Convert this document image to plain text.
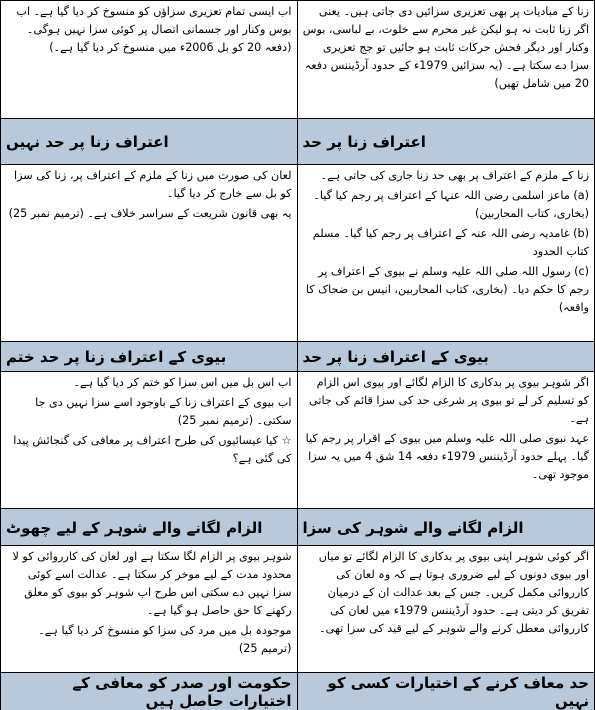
زنا کے مبادیات پر بھی تعزیری سزائیں دی جاتی ہیں۔ یعنی اگر زنا ثابت نہ ہو لیکن غیر محرم سے خلوت، بے لباسی، بوس وکنار اور دیگر فحش حرکات ثابت ہو جائیں تو جج تعزیری سزا دے سکتا ہے۔ (یہ سزائیں 1979ء کے حدود آرڈیننس دفعہ 20 میں شامل تھیں)

اب ایسی تمام تعزیری سزاؤں کو منسوخ کر دیا گیا ہے۔ اب بوس وکنار اور جسمانی اتصال پر کوئی سزا نہیں ہوگی۔ (دفعہ 20 کو بل 2006ء میں منسوخ کر دیا گیا ہے۔)

اعتراف زنا پر حد
اعتراف زنا پر حد نہیں

زنا کے ملزم کے اعتراف پر بھی حد زنا جاری کی جاتی ہے۔

(a) ماعز اسلمی رضی اللہ عنہا کے اعتراف پر رجم کیا گیا۔ (بخاری، کتاب المحاربین)

(b) غامدیہ رضی اللہ عنہ کے اعتراف پر رجم کیا گیا۔ مسلم کتاب الحدود

(c) رسول اللہ صلی اللہ علیہ وسلم نے بیوی کے اعتراف پر رجم کا حکم دیا۔ (بخاری، کتاب المحاربین، انیس بن ضحاک کا واقعہ)

لعان کی صورت میں زنا کے ملزم کے اعتراف پر، زنا کی سزا کو بل سے خارج کر دیا گیا۔

یہ بھی قانون شریعت کے سراسر خلاف ہے۔ (ترمیم نمبر 25)

بیوی کے اعتراف زنا پر حد
بیوی کے اعتراف زنا پر حد ختم

اگر شوہر بیوی پر بدکاری کا الزام لگائے اور بیوی اس الزام کو تسلیم کر لے تو بیوی پر شرعی حد کی سزا قائم کی جاتی ہے۔

عہد نبوی صلی اللہ علیہ وسلم میں بیوی کے اقرار پر رجم کیا گیا۔ پہلے حدود آرڈیننس 1979ء دفعہ 14 شق 4 میں یہ سزا موجود تھی۔

اب اس بل میں اس سزا کو ختم کر دیا گیا ہے۔

اب بیوی کے اعتراف زنا کے باوجود اسے سزا نہیں دی جا سکتی۔ (ترمیم نمبر 25)

☆ کیا عیسائیوں کی طرح اعتراف پر معافی کی گنجائش پیدا کی گئی ہے؟

الزام لگانے والے شوہر کی سزا
الزام لگانے والے شوہر کے لیے چھوٹ

اگر کوئی شوہر اپنی بیوی پر بدکاری کا الزام لگائے تو میاں اور بیوی دونوں کے لیے ضروری ہوتا ہے کہ وہ لعان کی کارروائی مکمل کریں۔ جس کے بعد عدالت ان کے درمیان تفریق کر دیتی ہے۔ حدود آرڈیننس 1979ء میں لعان کی کارروائی معطل کرنے والے شوہر کے لیے قید کی سزا تھی۔

شوہر بیوی پر الزام لگا سکتا ہے اور لعان کی کارروائی کو لا محدود مدت کے لیے موخر کر سکتا ہے۔ عدالت اسے کوئی سزا نہیں دے سکتی اس طرح اب شوہر کو بیوی کو معلق رکھنے کا حق حاصل ہو گیا ہے۔

موجودہ بل میں مرد کی سزا کو منسوخ کر دیا گیا ہے۔ (ترمیم 25)

حد معاف کرنے کے اختیارات کسی کو نہیں
حکومت اور صدر کو معافی کے اختیارات حاصل ہیں
